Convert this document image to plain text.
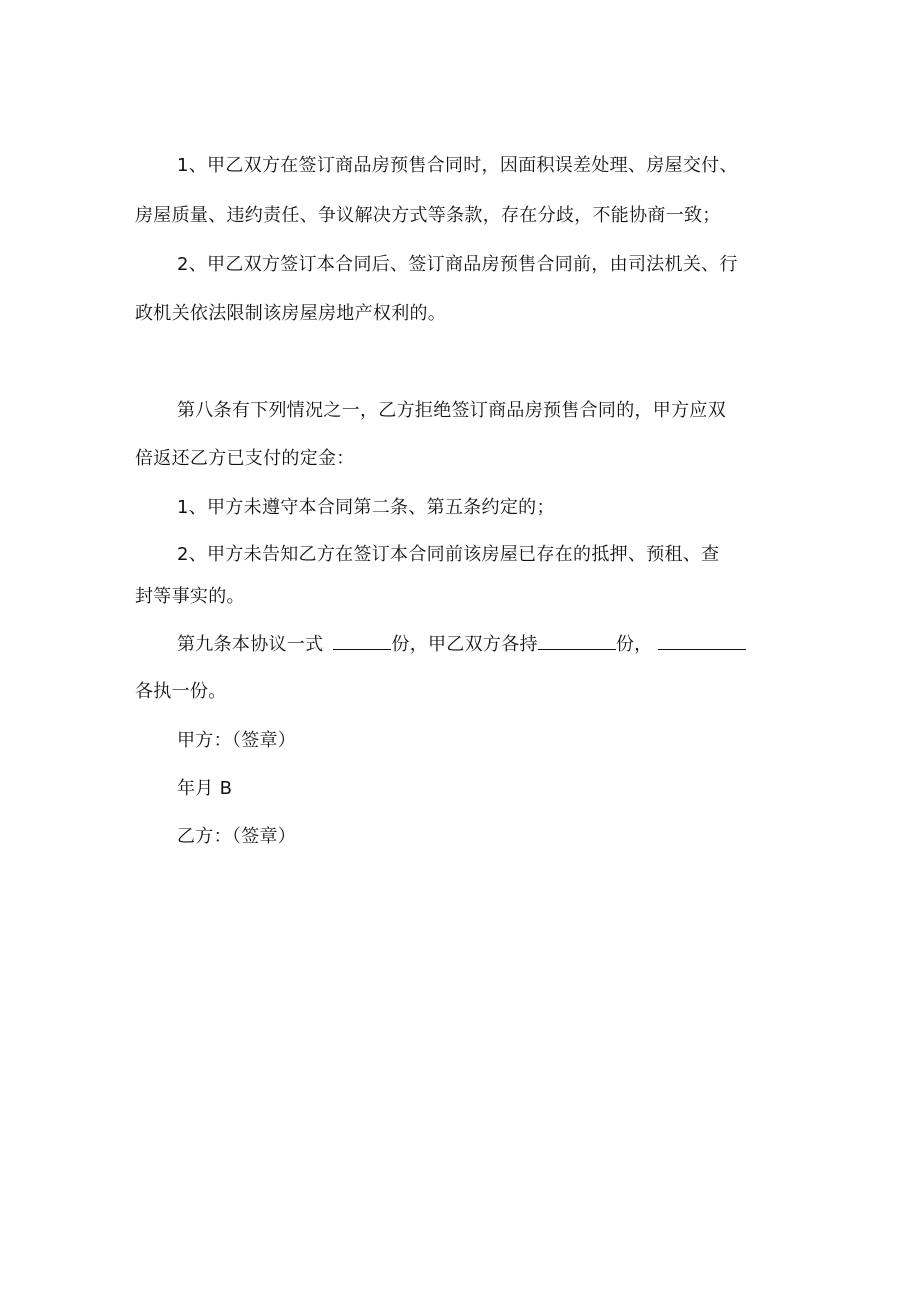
1、甲乙双方在签订商品房预售合同时，因面积误差处理、房屋交付、
房屋质量、违约责任、争议解决方式等条款，存在分歧，不能协商一致；
2、甲乙双方签订本合同后、签订商品房预售合同前，由司法机关、行
政机关依法限制该房屋房地产权利的。
第八条有下列情况之一，乙方拒绝签订商品房预售合同的，甲方应双
倍返还乙方已支付的定金：
1、甲方未遵守本合同第二条、第五条约定的；
2、甲方未告知乙方在签订本合同前该房屋已存在的抵押、预租、查
封等事实的。
第九条本协议一式	份，甲乙双方各持	份，
各执一份。
甲方：（签章）
年月 B
乙方：（签章）
